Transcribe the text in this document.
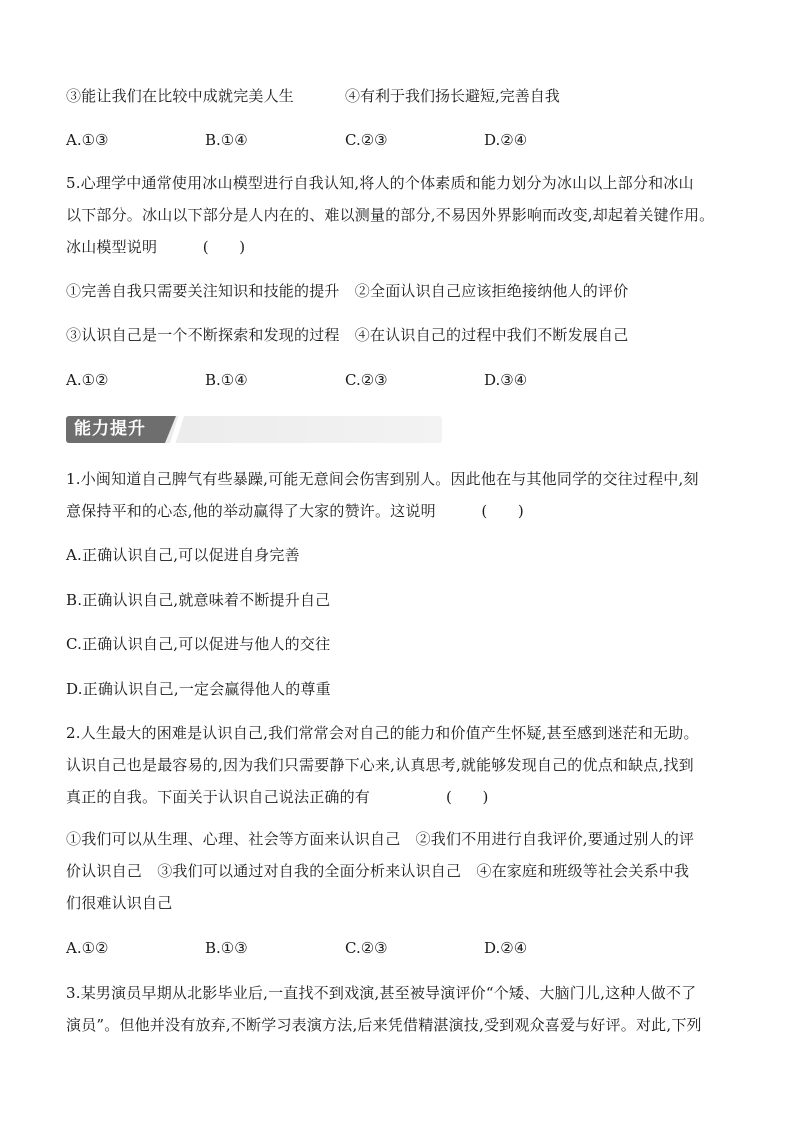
③能让我们在比较中成就完美人生	④有利于我们扬长避短,完善自我
A.①③	B.①④	C.②③	D.②④
5.心理学中通常使用冰山模型进行自我认知,将人的个体素质和能力划分为冰山以上部分和冰山
以下部分。冰山以下部分是人内在的、难以测量的部分,不易因外界影响而改变,却起着关键作用。
冰山模型说明　　　(　　)
①完善自我只需要关注知识和技能的提升　②全面认识自己应该拒绝接纳他人的评价
③认识自己是一个不断探索和发现的过程　④在认识自己的过程中我们不断发展自己
A.①②	B.①④	C.②③	D.③④
能力提升
1.小闽知道自己脾气有些暴躁,可能无意间会伤害到别人。因此他在与其他同学的交往过程中,刻
意保持平和的心态,他的举动赢得了大家的赞许。这说明　　　(　　)
A.正确认识自己,可以促进自身完善
B.正确认识自己,就意味着不断提升自己
C.正确认识自己,可以促进与他人的交往
D.正确认识自己,一定会赢得他人的尊重
2.人生最大的困难是认识自己,我们常常会对自己的能力和价值产生怀疑,甚至感到迷茫和无助。
认识自己也是最容易的,因为我们只需要静下心来,认真思考,就能够发现自己的优点和缺点,找到
真正的自我。下面关于认识自己说法正确的有　　　　　(　　)
①我们可以从生理、心理、社会等方面来认识自己　②我们不用进行自我评价,要通过别人的评
价认识自己　③我们可以通过对自我的全面分析来认识自己　④在家庭和班级等社会关系中我
们很难认识自己
A.①②	B.①③	C.②③	D.②④
3.某男演员早期从北影毕业后,一直找不到戏演,甚至被导演评价“个矮、大脑门儿,这种人做不了
演员”。但他并没有放弃,不断学习表演方法,后来凭借精湛演技,受到观众喜爱与好评。对此,下列
